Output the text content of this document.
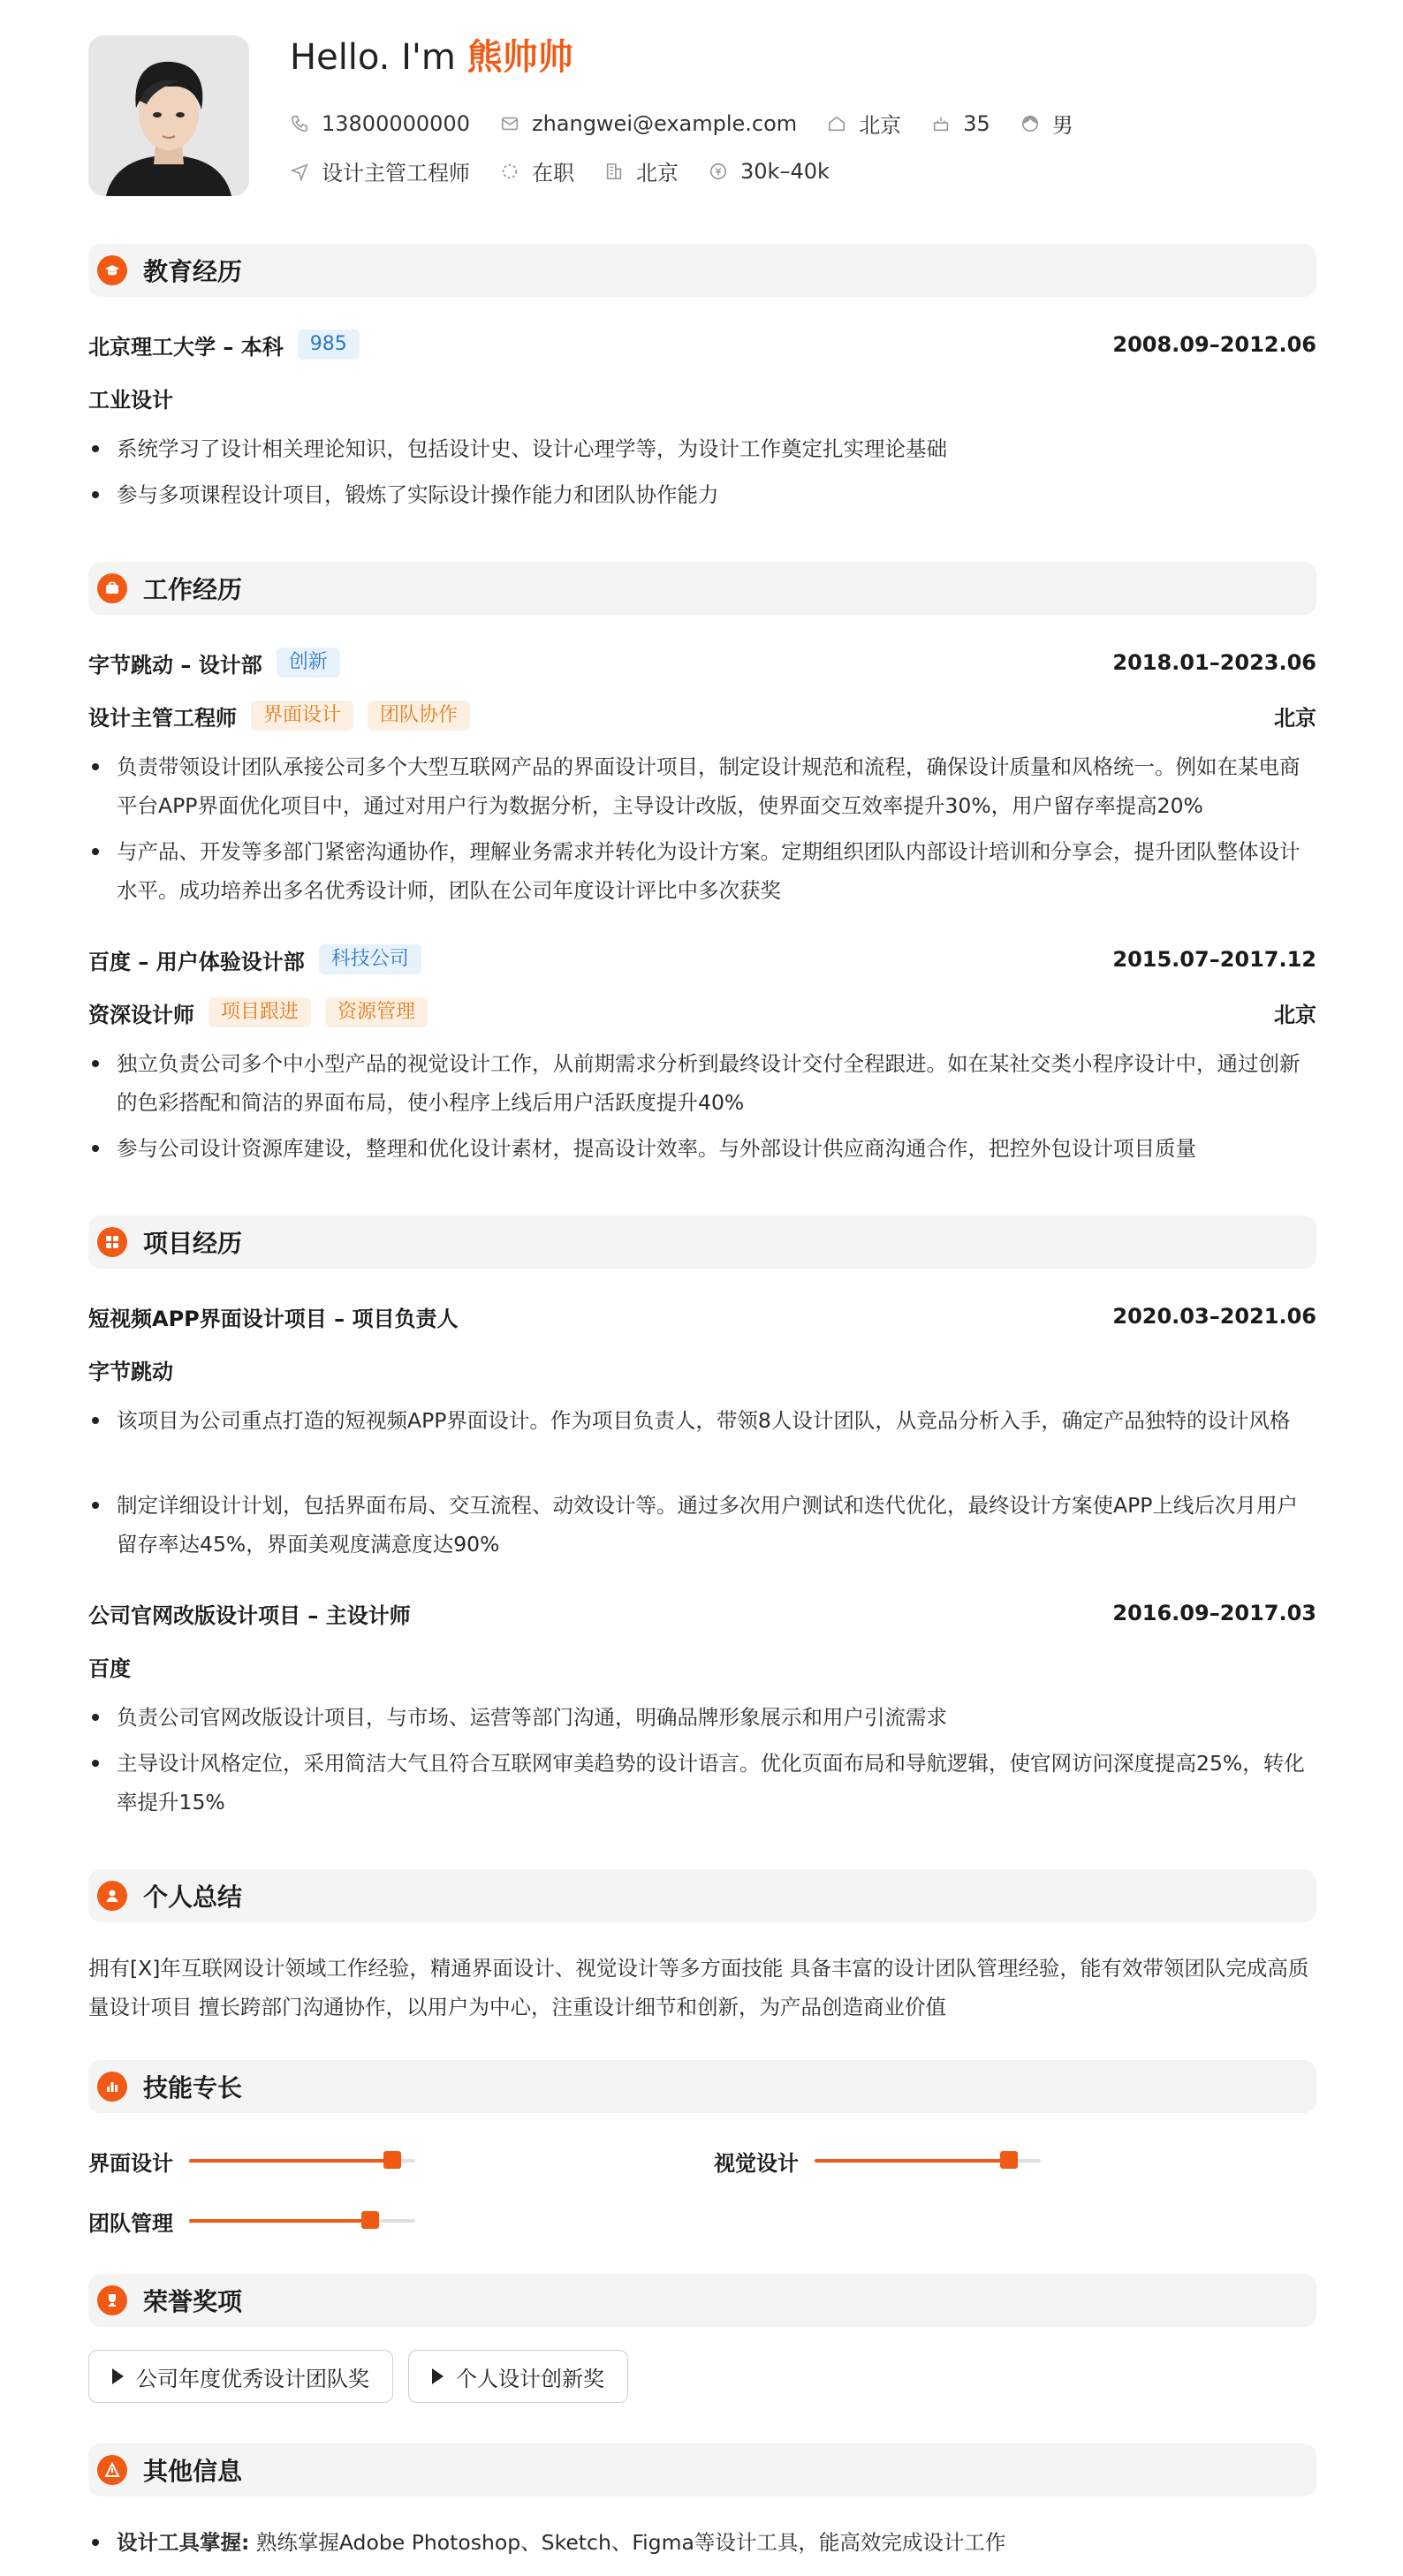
Hello. I'm 熊帅帅
13800000000	zhangwei@example.com	北京	35	男
设计主管工程师	在职	北京	30k–40k
教育经历
北京理工大学 – 本科	985	2008.09–2012.06
工业设计
系统学习了设计相关理论知识，包括设计史、设计心理学等，为设计工作奠定扎实理论基础
参与多项课程设计项目，锻炼了实际设计操作能力和团队协作能力
工作经历
字节跳动 – 设计部	创新	2018.01–2023.06
设计主管工程师	界面设计	团队协作	北京
负责带领设计团队承接公司多个大型互联网产品的界面设计项目，制定设计规范和流程，确保设计质量和风格统一。例如在某电商平台APP界面优化项目中，通过对用户行为数据分析，主导设计改版，使界面交互效率提升30%，用户留存率提高20%
与产品、开发等多部门紧密沟通协作，理解业务需求并转化为设计方案。定期组织团队内部设计培训和分享会，提升团队整体设计水平。成功培养出多名优秀设计师，团队在公司年度设计评比中多次获奖
百度 – 用户体验设计部	科技公司	2015.07–2017.12
资深设计师	项目跟进	资源管理	北京
独立负责公司多个中小型产品的视觉设计工作，从前期需求分析到最终设计交付全程跟进。如在某社交类小程序设计中，通过创新的色彩搭配和简洁的界面布局，使小程序上线后用户活跃度提升40%
参与公司设计资源库建设，整理和优化设计素材，提高设计效率。与外部设计供应商沟通合作，把控外包设计项目质量
项目经历
短视频APP界面设计项目 – 项目负责人	2020.03–2021.06
字节跳动
该项目为公司重点打造的短视频APP界面设计。作为项目负责人，带领8人设计团队，从竞品分析入手，确定产品独特的设计风格
制定详细设计计划，包括界面布局、交互流程、动效设计等。通过多次用户测试和迭代优化，最终设计方案使APP上线后次月用户留存率达45%，界面美观度满意度达90%
公司官网改版设计项目 – 主设计师	2016.09–2017.03
百度
负责公司官网改版设计项目，与市场、运营等部门沟通，明确品牌形象展示和用户引流需求
主导设计风格定位，采用简洁大气且符合互联网审美趋势的设计语言。优化页面布局和导航逻辑，使官网访问深度提高25%，转化率提升15%
个人总结
拥有[X]年互联网设计领域工作经验，精通界面设计、视觉设计等多方面技能 具备丰富的设计团队管理经验，能有效带领团队完成高质量设计项目 擅长跨部门沟通协作，以用户为中心，注重设计细节和创新，为产品创造商业价值
技能专长
界面设计	视觉设计
团队管理
荣誉奖项
公司年度优秀设计团队奖	个人设计创新奖
其他信息
设计工具掌握: 熟练掌握Adobe Photoshop、Sketch、Figma等设计工具，能高效完成设计工作
